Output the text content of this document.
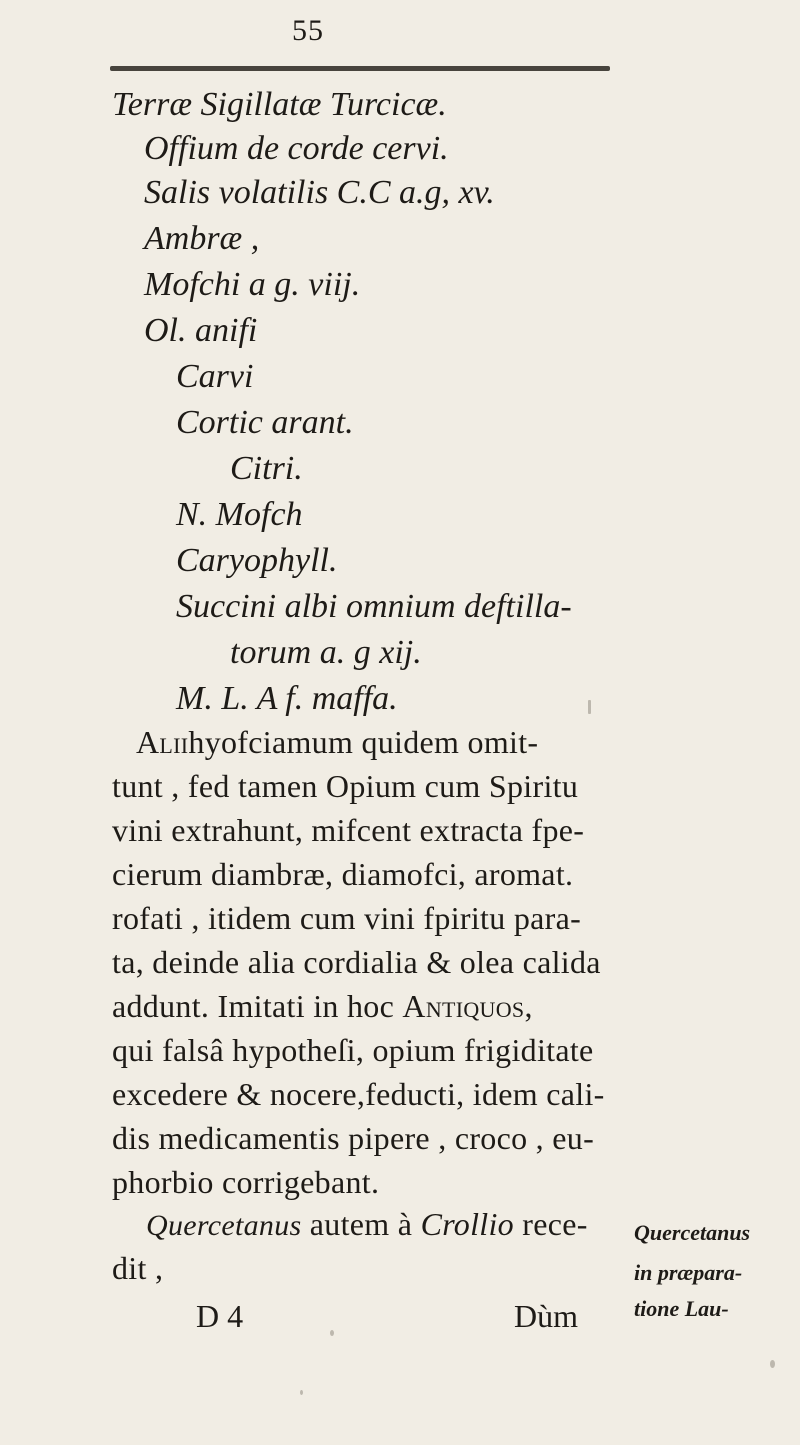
55
Terræ Sigillatæ Turcicæ.
Offium de corde cervi.
Salis volatilis C.C a.g, xv.
Ambræ ,
Mofchi a g. viij.
Ol. anifi
Carvi
Cortic arant.
Citri.
N. Mofch
Caryophyll.
Succini albi omnium deftilla-
torum a. g xij.
M. L. A f. maffa.
Aliihyofciamum quidem omit-
tunt , fed tamen Opium cum Spiritu
vini extrahunt, mifcent extracta fpe-
cierum diambræ, diamofci, aromat.
rofati , itidem cum vini fpiritu para-
ta, deinde alia cordialia & olea calida
addunt. Imitati in hoc Antiquos,
qui falsâ hypotheſi, opium frigiditate
excedere & nocere,feducti, idem cali-
dis medicamentis pipere , croco , eu-
phorbio corrigebant.
Quercetanus autem à Crollio rece-
dit ,
D 4	Dùm
Quercetanus
in præpara-
tione Lau-
